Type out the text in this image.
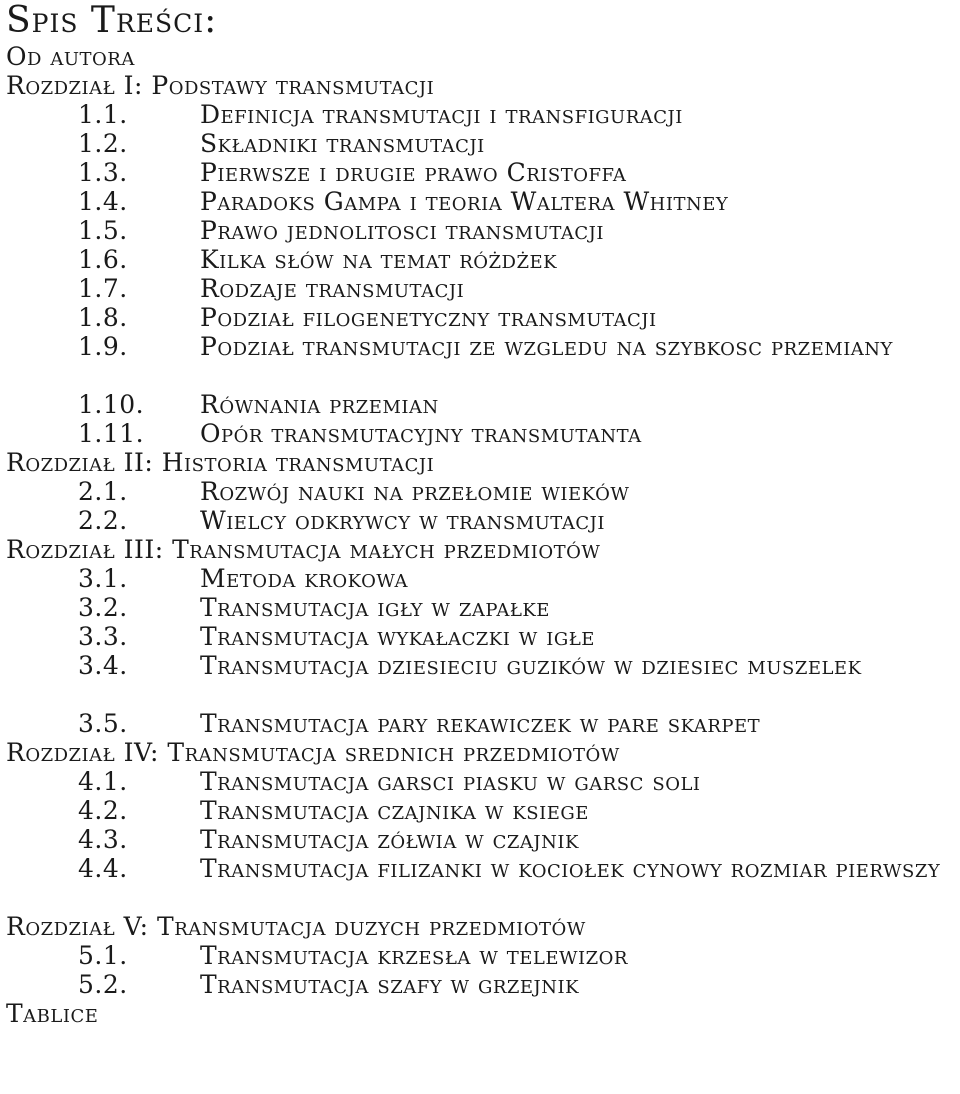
Spis Treści:
Od autora
Rozdział I: Podstawy transmutacji
1.1.	Definicja transmutacji i transfiguracji
1.2.	Składniki transmutacji
1.3.	Pierwsze i drugie prawo Cristoffa
1.4.	Paradoks Gampa i teoria Waltera Whitney
1.5.	Prawo jednolitosci transmutacji
1.6.	Kilka słów na temat różdżek
1.7.	Rodzaje transmutacji
1.8.	Podział filogenetyczny transmutacji
1.9.	Podział transmutacji ze wzgledu na szybkosc przemiany
1.10. Równania przemian
1.11. Opór transmutacyjny transmutanta
Rozdział II: Historia transmutacji
2.1.	Rozwój nauki na przełomie wieków
2.2.	Wielcy odkrywcy w transmutacji
Rozdział III: Transmutacja małych przedmiotów
3.1.	Metoda krokowa
3.2.	Transmutacja igły w zapałke
3.3.	Transmutacja wykałaczki w igłe
3.4.	Transmutacja dziesieciu guzików w dziesiec muszelek
3.5.	Transmutacja pary rekawiczek w pare skarpet
Rozdział IV: Transmutacja srednich przedmiotów
4.1.	Transmutacja garsci piasku w garsc soli
4.2.	Transmutacja czajnika w ksiege
4.3.	Transmutacja zółwia w czajnik
4.4.	Transmutacja filizanki w kociołek cynowy rozmiar pierwszy
Rozdział V: Transmutacja duzych przedmiotów
5.1.	Transmutacja krzesła w telewizor
5.2.	Transmutacja szafy w grzejnik
Tablice
